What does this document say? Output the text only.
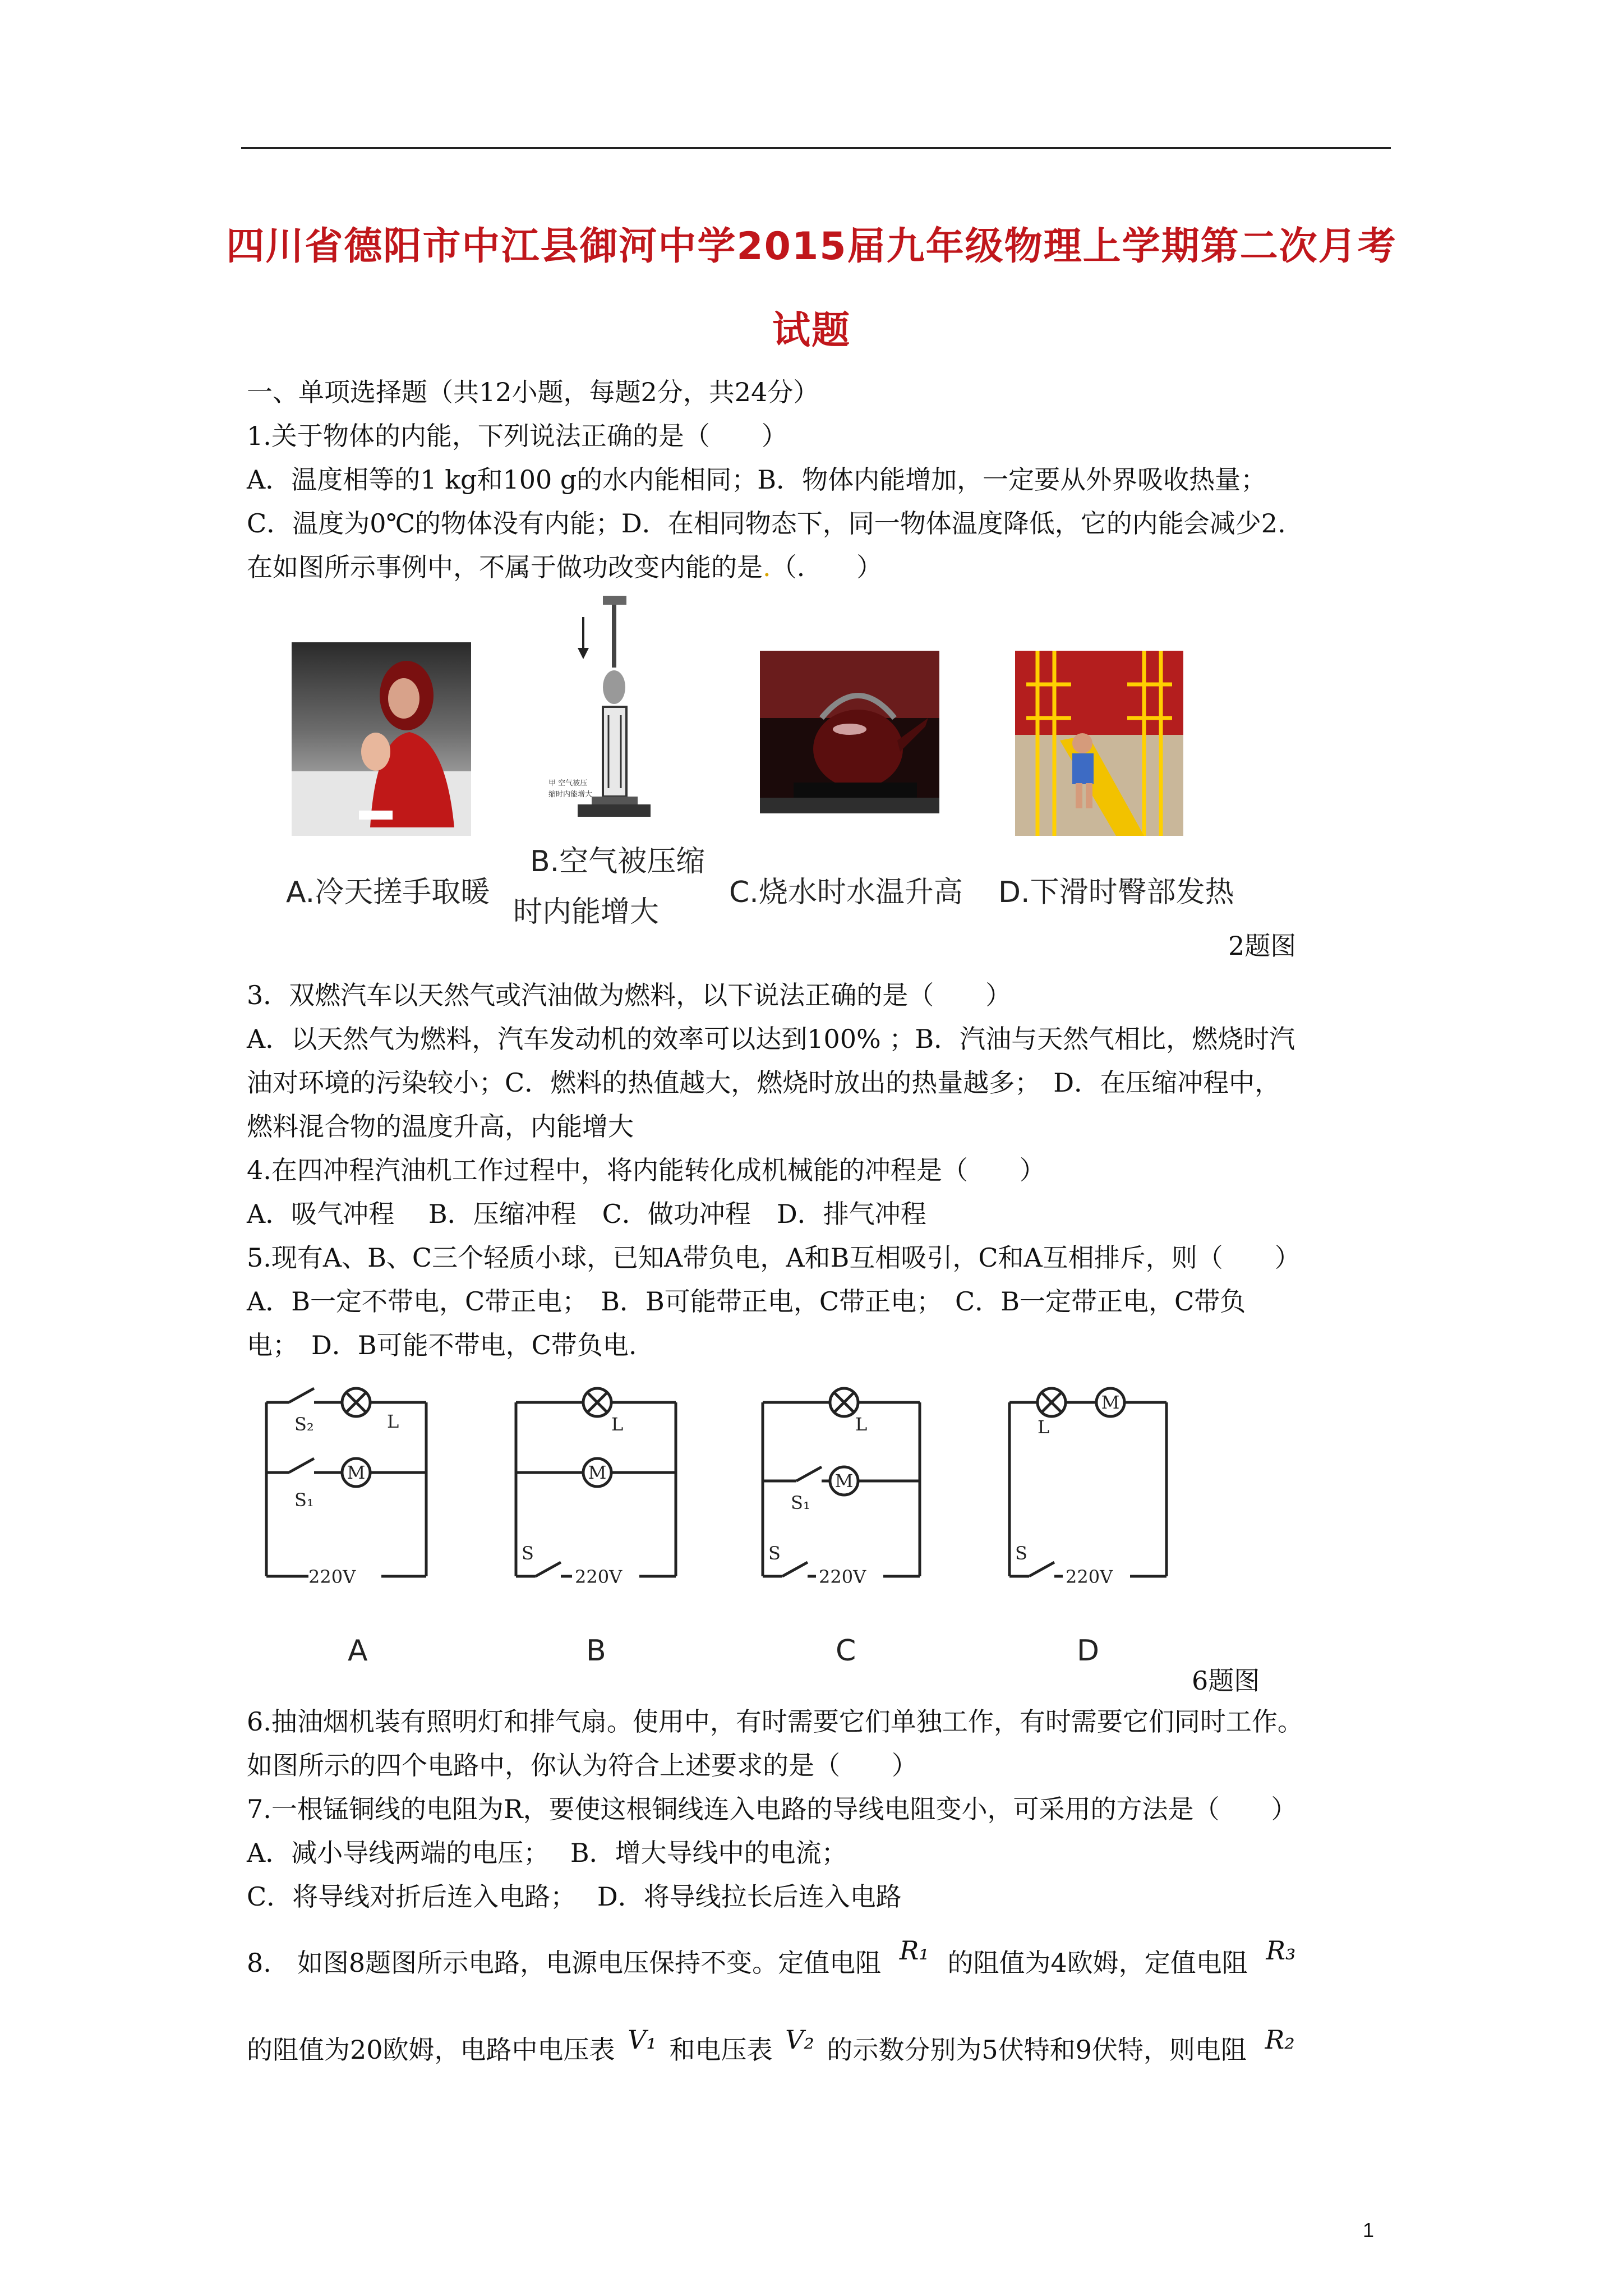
四川省德阳市中江县御河中学2015届九年级物理上学期第二次月考
试题
一、单项选择题（共12小题，每题2分，共24分）
1.关于物体的内能，下列说法正确的是（　　）
A．温度相等的1 kg和100 g的水内能相同；B．物体内能增加，一定要从外界吸收热量；
C．温度为0℃的物体没有内能；D．在相同物态下，同一物体温度降低，它的内能会减少2.
在如图所示事例中，不属于做功改变内能的是.（.　　）
甲 空气被压
缩时内能增大
A.冷天搓手取暖
B.空气被压缩
时内能增大
C.烧水时水温升高 D.下滑时臀部发热
2题图
3．双燃汽车以天然气或汽油做为燃料，以下说法正确的是（　　）
A．以天然气为燃料，汽车发动机的效率可以达到100% ；B．汽油与天然气相比，燃烧时汽
油对环境的污染较小；C．燃料的热值越大，燃烧时放出的热量越多；　D．在压缩冲程中，
燃料混合物的温度升高，内能增大
4.在四冲程汽油机工作过程中，将内能转化成机械能的冲程是（　　）
A．吸气冲程　 B．压缩冲程　C．做功冲程　D．排气冲程
5.现有A、B、C三个轻质小球，已知A带负电，A和B互相吸引，C和A互相排斥，则（　　）
A．B一定不带电，C带正电；　B．B可能带正电，C带正电；　C．B一定带正电，C带负
电；　D．B可能不带电，C带负电.
M
S₂
S₁
L
220V
M
L
S
220V
M
L
S₁
S
220V
M
L
S
220V
A	B	C	D
6题图
6.抽油烟机装有照明灯和排气扇。使用中，有时需要它们单独工作，有时需要它们同时工作。
如图所示的四个电路中，你认为符合上述要求的是（　　）
7.一根锰铜线的电阻为R，要使这根铜线连入电路的导线电阻变小，可采用的方法是（　　）
A．减小导线两端的电压；　 B．增大导线中的电流；
C．将导线对折后连入电路；　 D．将导线拉长后连入电路
8.　如图8题图所示电路，电源电压保持不变。定值电阻 R₁ 的阻值为4欧姆，定值电阻 R₃
的阻值为20欧姆，电路中电压表 V₁ 和电压表 V₂ 的示数分别为5伏特和9伏特，则电阻 R₂
1
